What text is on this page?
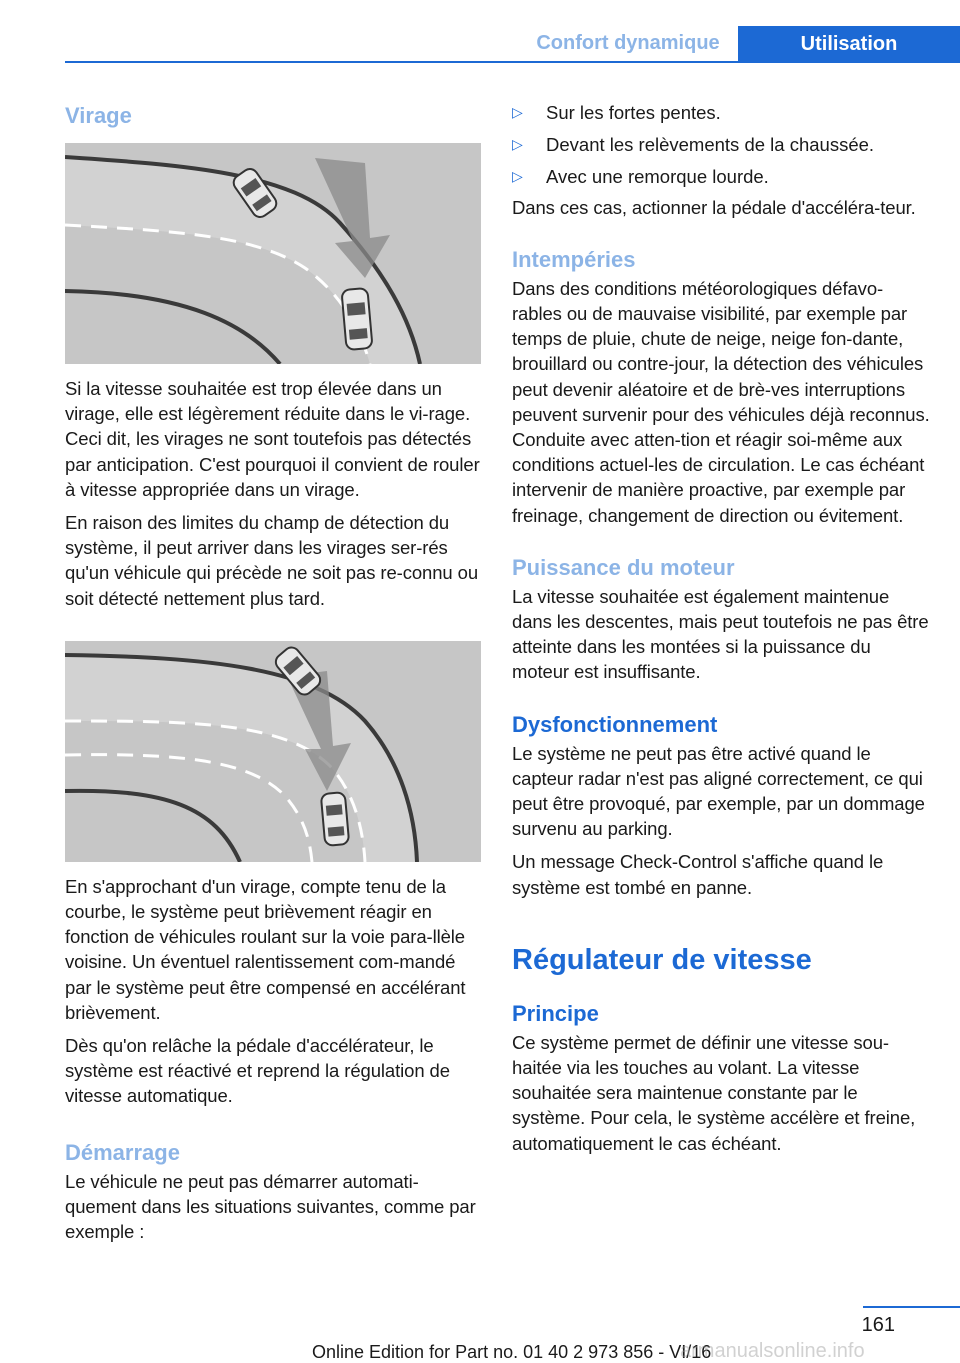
Confort dynamique	Utilisation
Virage

Si la vitesse souhaitée est trop élevée dans un virage, elle est légèrement réduite dans le vi‐rage. Ceci dit, les virages ne sont toutefois pas détectés par anticipation. C'est pourquoi il convient de rouler à vitesse appropriée dans un virage.

En raison des limites du champ de détection du système, il peut arriver dans les virages ser‐rés qu'un véhicule qui précède ne soit pas re‐connu ou soit détecté nettement plus tard.

En s'approchant d'un virage, compte tenu de la courbe, le système peut brièvement réagir en fonction de véhicules roulant sur la voie para‐llèle voisine. Un éventuel ralentissement com‐mandé par le système peut être compensé en accélérant brièvement.

Dès qu'on relâche la pédale d'accélérateur, le système est réactivé et reprend la régulation de vitesse automatique.

Démarrage

Le véhicule ne peut pas démarrer automati‐quement dans les situations suivantes, comme par exemple :

▷ Sur les fortes pentes.
▷ Devant les relèvements de la chaussée.
▷ Avec une remorque lourde.

Dans ces cas, actionner la pédale d'accéléra‐teur.

Intempéries

Dans des conditions météorologiques défavo‐rables ou de mauvaise visibilité, par exemple par temps de pluie, chute de neige, neige fon‐dante, brouillard ou contre-jour, la détection des véhicules peut devenir aléatoire et de brè‐ves interruptions peuvent survenir pour des véhicules déjà reconnus. Conduite avec atten‐tion et réagir soi-même aux conditions actuel‐les de circulation. Le cas échéant intervenir de manière proactive, par exemple par freinage, changement de direction ou évitement.

Puissance du moteur

La vitesse souhaitée est également maintenue dans les descentes, mais peut toutefois ne pas être atteinte dans les montées si la puissance du moteur est insuffisante.

Dysfonctionnement

Le système ne peut pas être activé quand le capteur radar n'est pas aligné correctement, ce qui peut être provoqué, par exemple, par un dommage survenu au parking.

Un message Check-Control s'affiche quand le système est tombé en panne.

Régulateur de vitesse
Principe

Ce système permet de définir une vitesse sou‐haitée via les touches au volant. La vitesse souhaitée sera maintenue constante par le système. Pour cela, le système accélère et freine, automatiquement le cas échéant.

161
Online Edition for Part no. 01 40 2 973 856 - VI/16
armanualsonline.info
